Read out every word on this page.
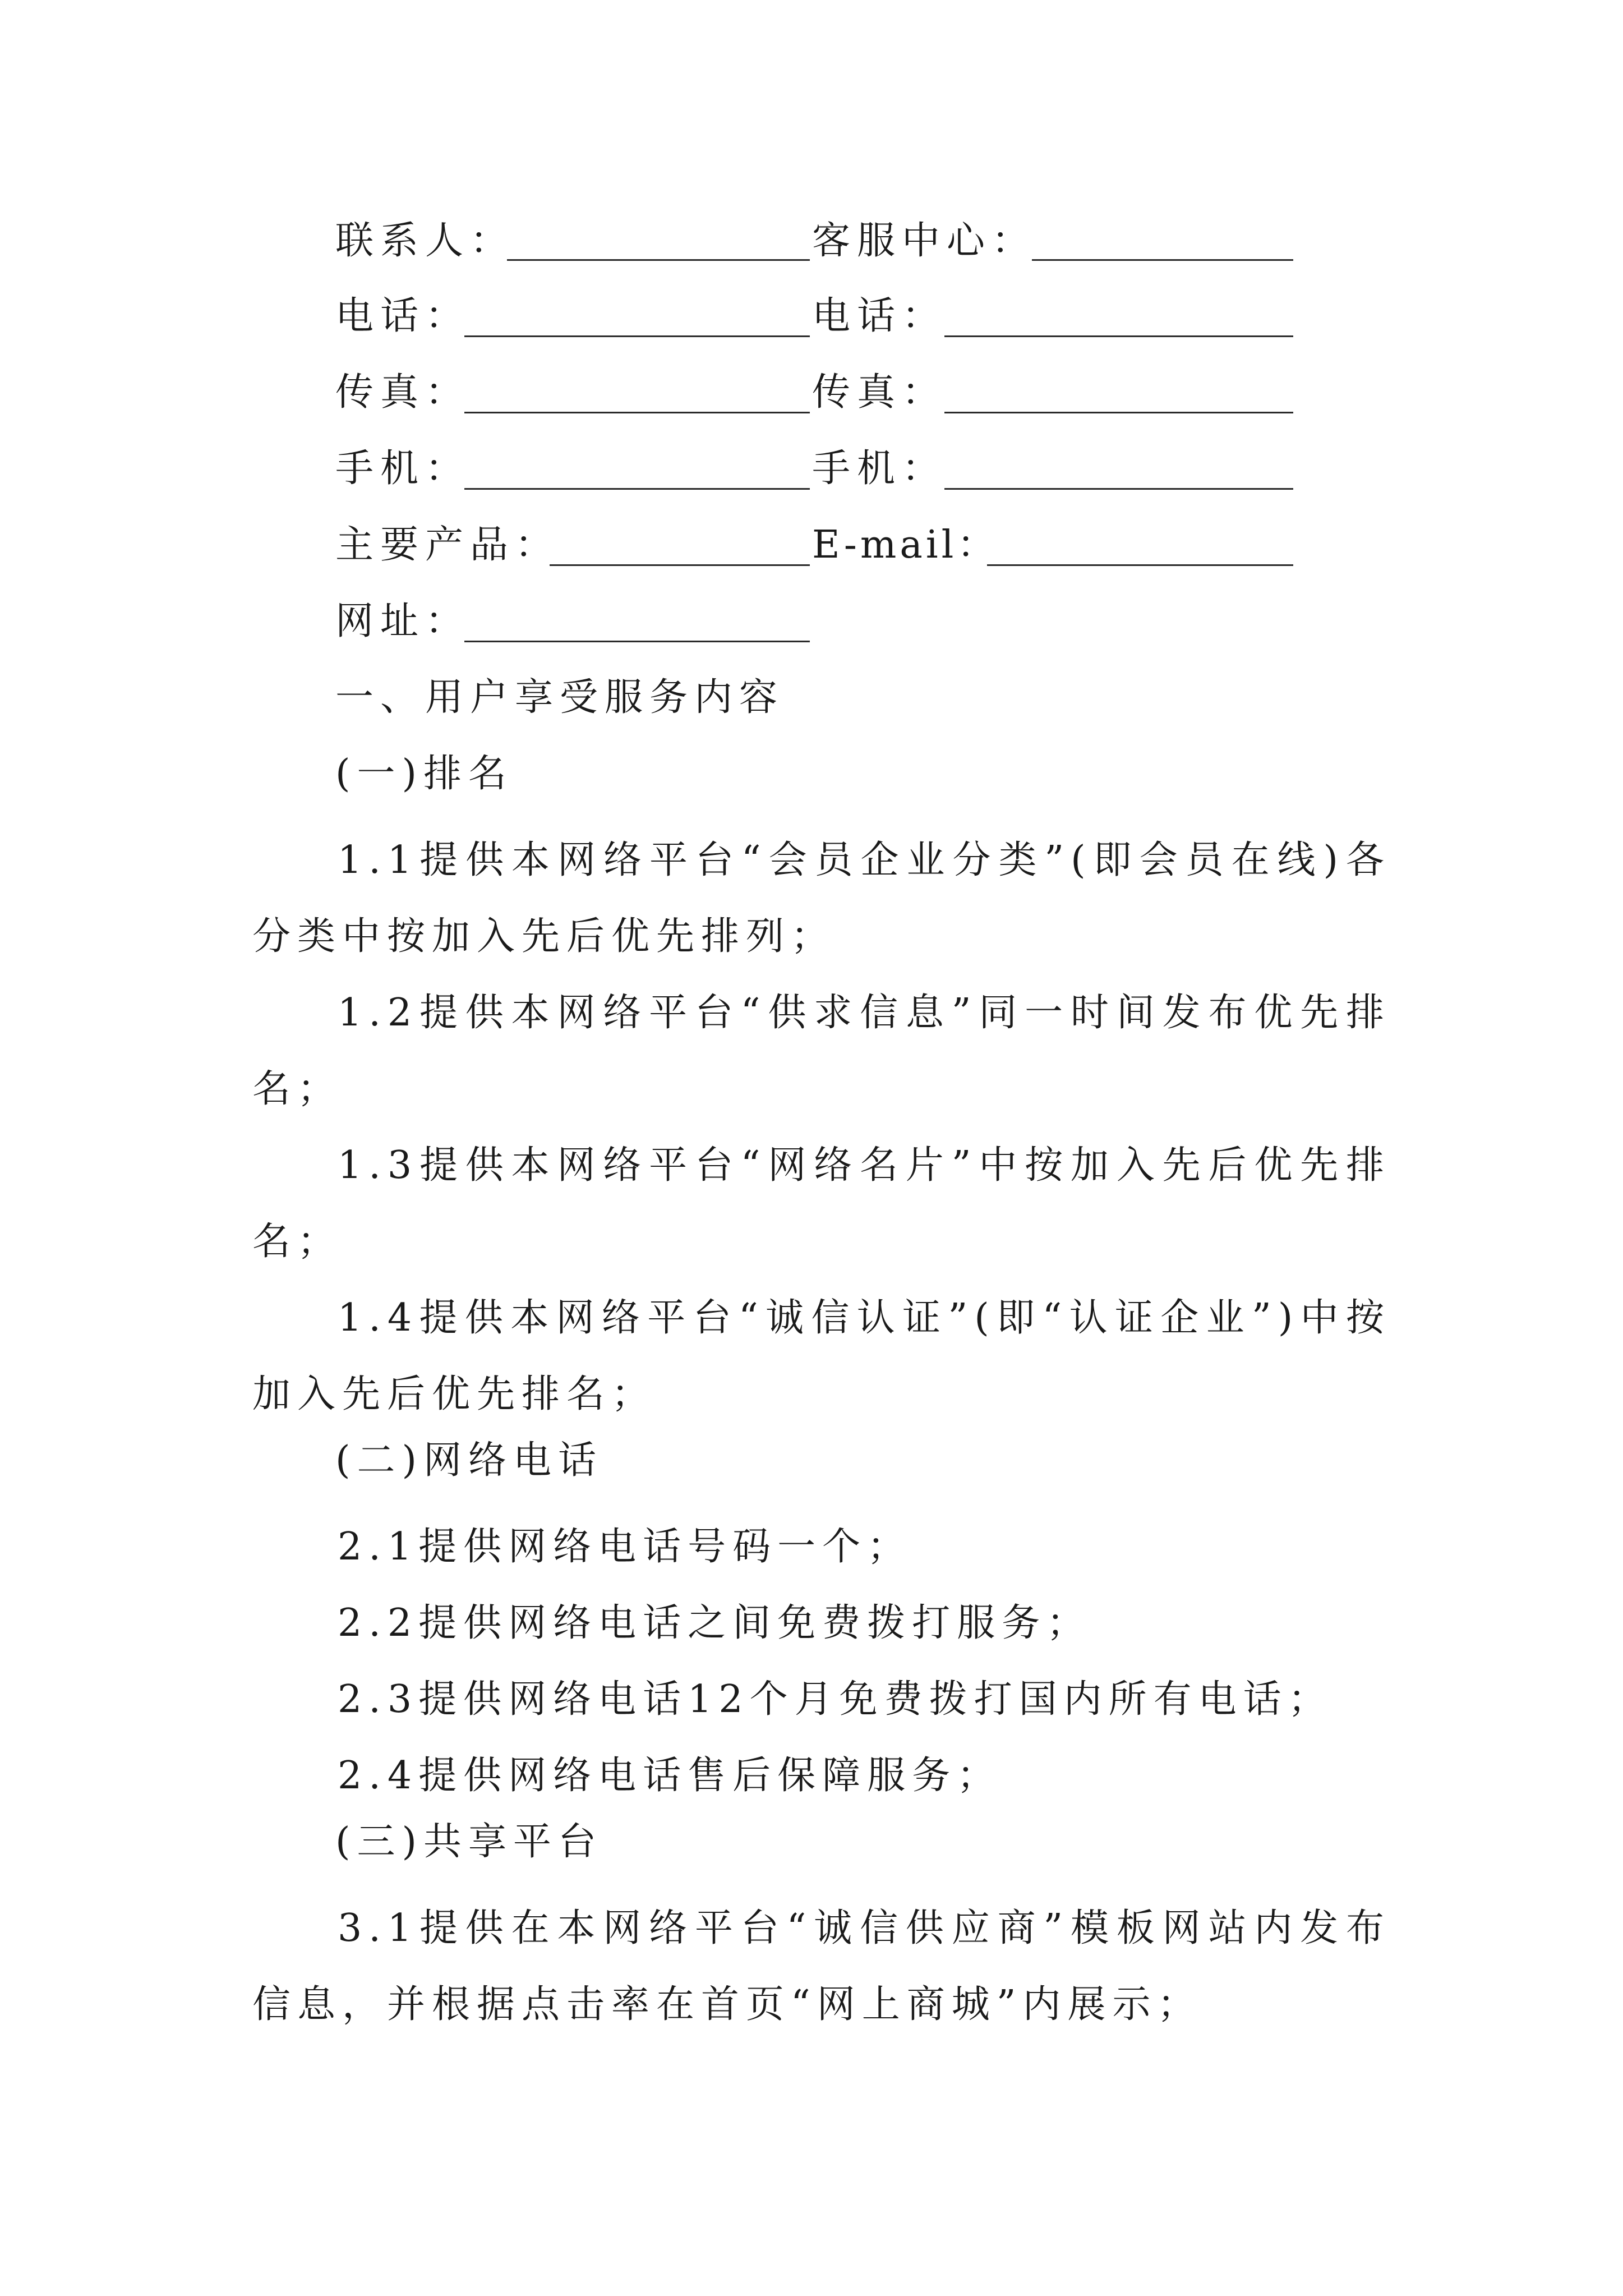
联系人：	客服中心：
电话：	电话：
传真：	传真：
手机：	手机：
主要产品：	E-mail：
网址：
一、用户享受服务内容
(一)排名
1.1提供本网络平台“会员企业分类”(即会员在线)各分类中按加入先后优先排列；
1.2提供本网络平台“供求信息”同一时间发布优先排名；
1.3提供本网络平台“网络名片”中按加入先后优先排名；
1.4提供本网络平台“诚信认证”(即“认证企业”)中按加入先后优先排名；
(二)网络电话
2.1提供网络电话号码一个；
2.2提供网络电话之间免费拨打服务；
2.3提供网络电话12个月免费拨打国内所有电话；
2.4提供网络电话售后保障服务；
(三)共享平台
3.1提供在本网络平台“诚信供应商”模板网站内发布信息，并根据点击率在首页“网上商城”内展示；
